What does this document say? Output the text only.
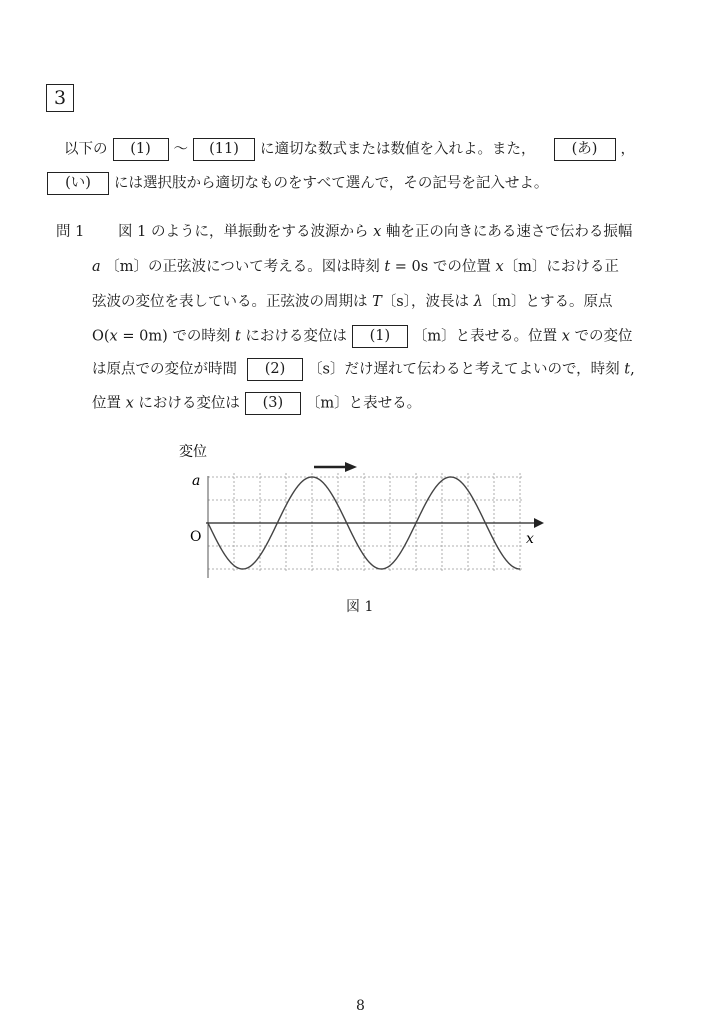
3
以下の (1) 〜 (11) に適切な数式または数値を入れよ。また， (あ) ，
(い) には選択肢から適切なものをすべて選んで，その記号を記入せよ。
問 1 図 1 のように，単振動をする波源から x 軸を正の向きにある速さで伝わる振幅
a 〔m〕の正弦波について考える。図は時刻 t = 0s での位置 x〔m〕における正
弦波の変位を表している。正弦波の周期は T〔s〕，波長は λ〔m〕とする。原点
O(x = 0m) での時刻 t における変位は (1) 〔m〕と表せる。位置 x での変位
は原点での変位が時間 (2) 〔s〕だけ遅れて伝わると考えてよいので，時刻 t,
位置 x における変位は (3) 〔m〕と表せる。
変位
a
O	x
図 1
8
